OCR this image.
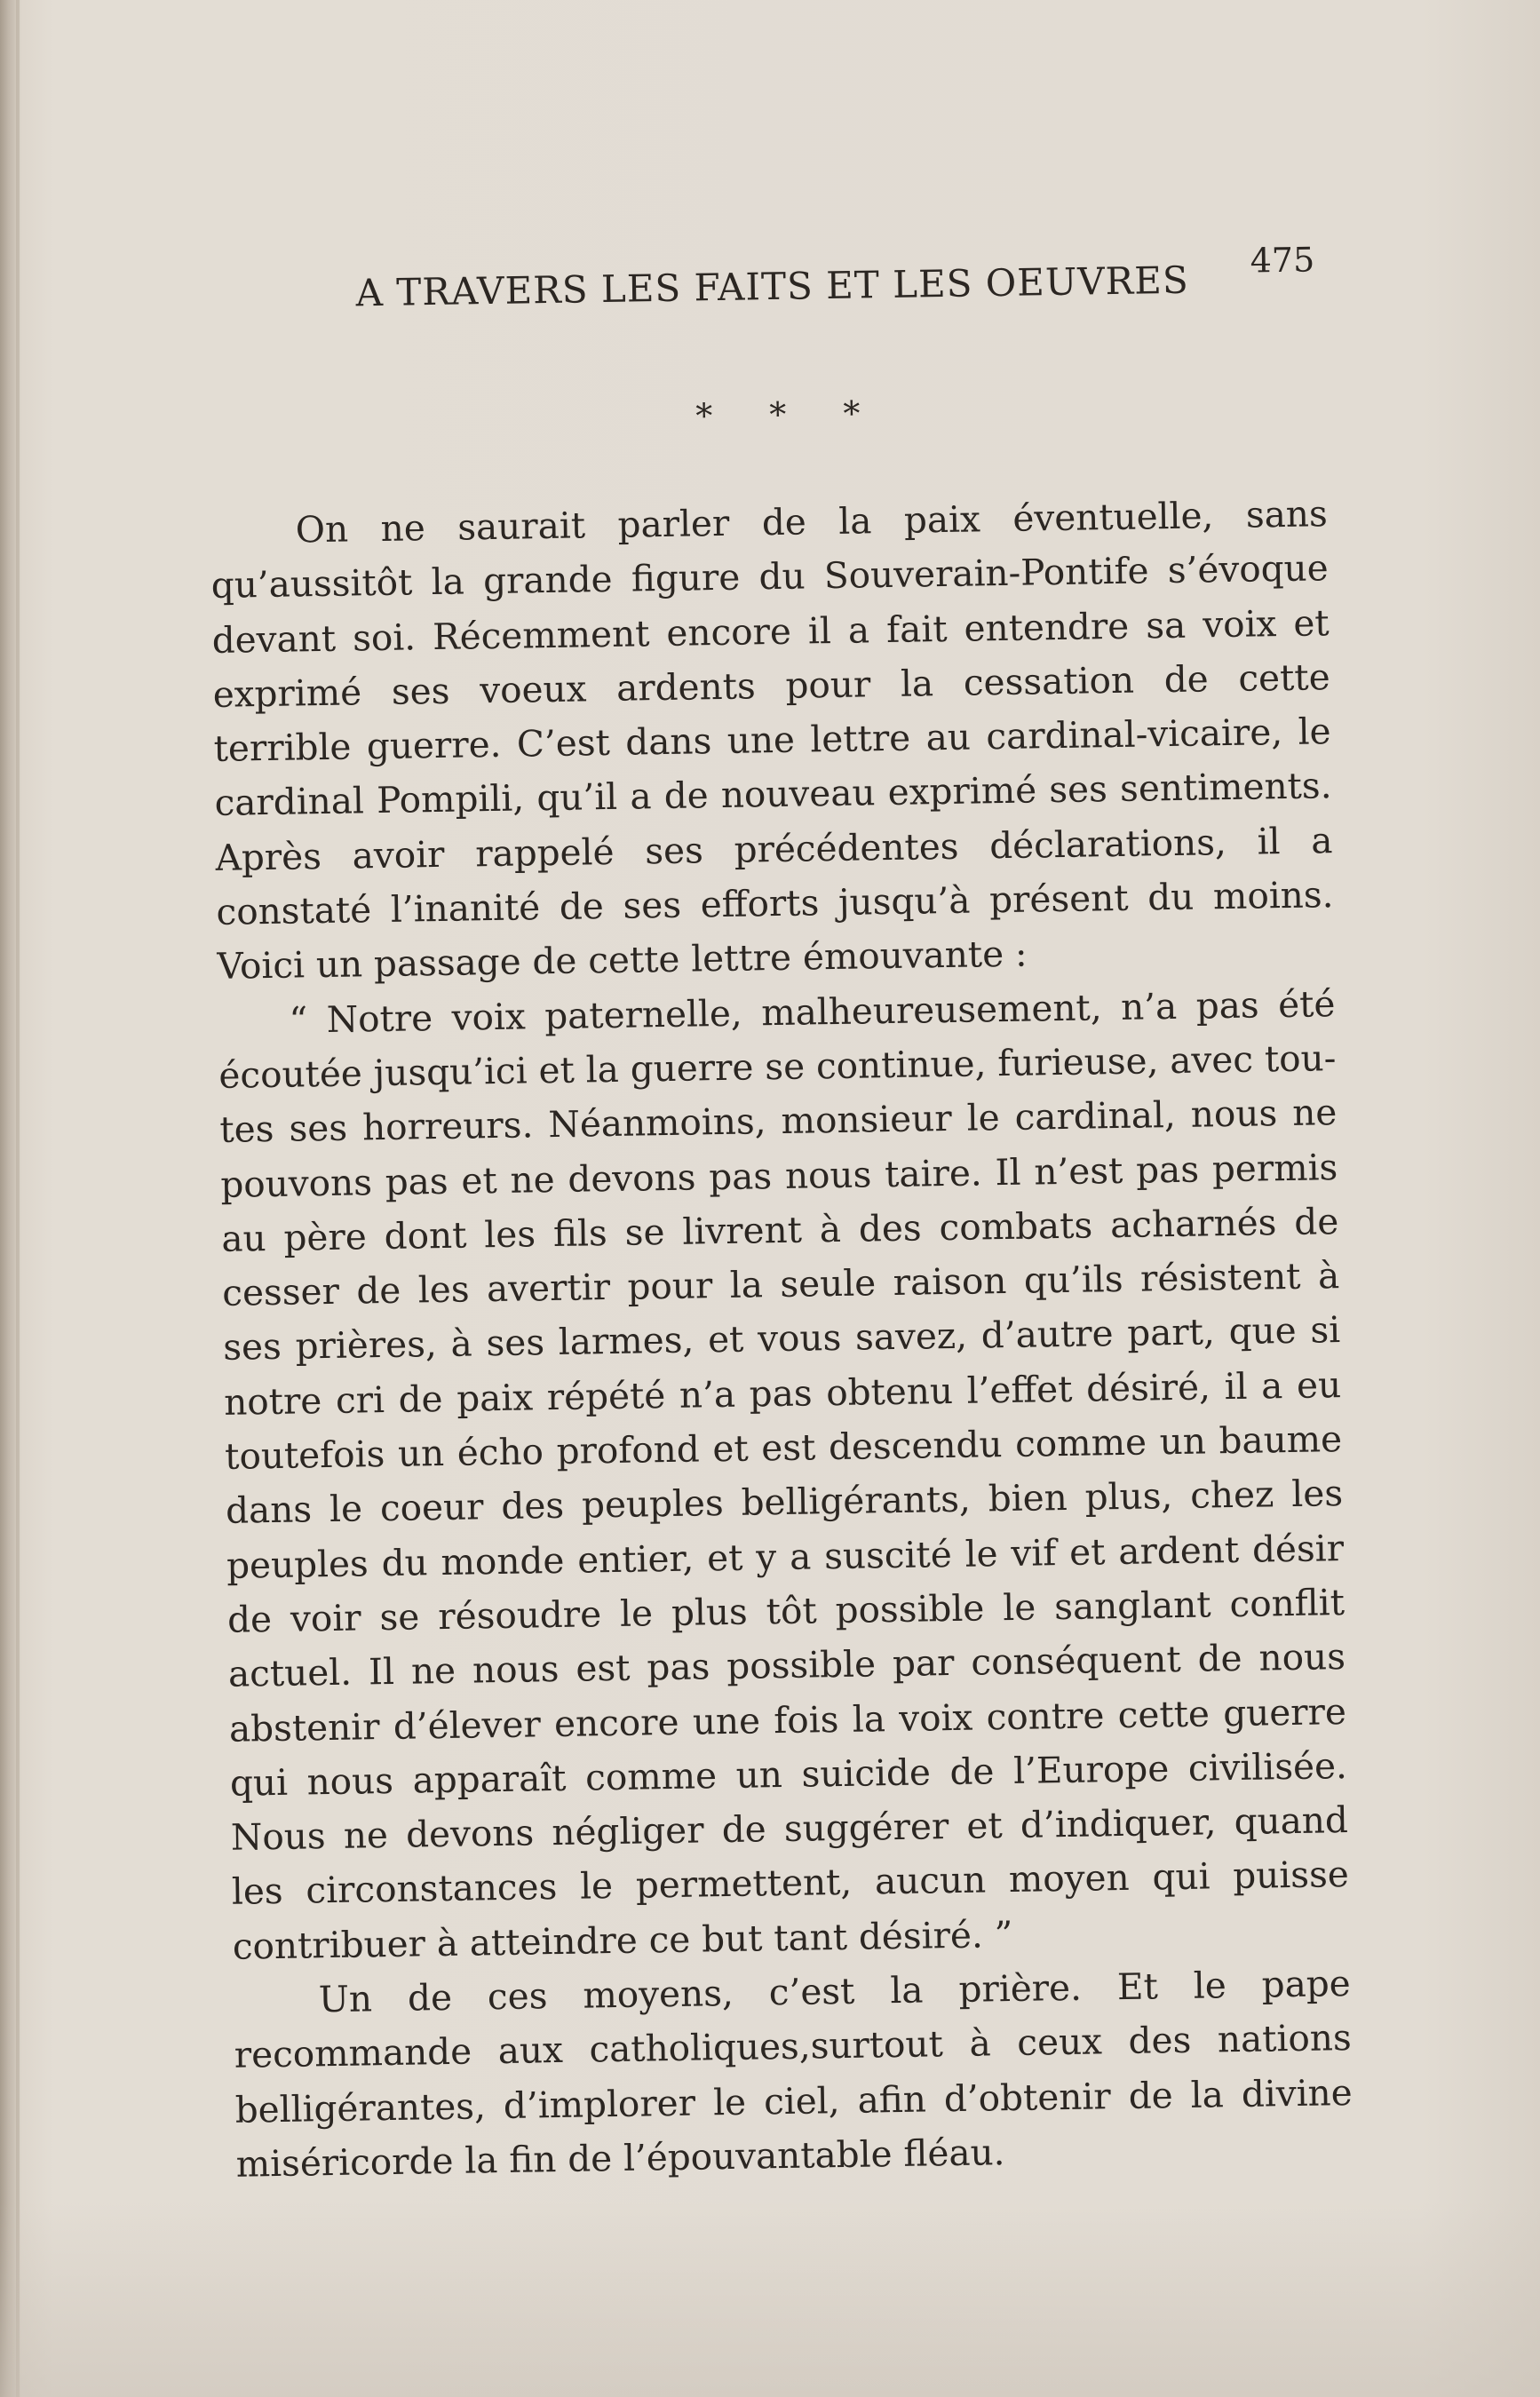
A TRAVERS LES FAITS ET LES OEUVRES 475
* * *

On ne saurait parler de la paix éventuelle, sans qu’aussitôt la grande figure du Souverain-Pontife s’évoque devant soi. Récemment encore il a fait entendre sa voix et exprimé ses voeux ardents pour la cessation de cette terrible guerre. C’est dans une lettre au cardinal-vicaire, le cardinal Pompili, qu’il a de nouveau exprimé ses sentiments. Après avoir rappelé ses précédentes déclarations, il a constaté l’inanité de ses efforts jusqu’à présent du moins. Voici un passage de cette lettre émouvante :

“ Notre voix paternelle, malheureusement, n’a pas été écoutée jusqu’ici et la guerre se continue, furieuse, avec toutes ses horreurs. Néanmoins, monsieur le cardinal, nous ne pouvons pas et ne devons pas nous taire. Il n’est pas permis au père dont les fils se livrent à des combats acharnés de cesser de les avertir pour la seule raison qu’ils résistent à ses prières, à ses larmes, et vous savez, d’autre part, que si notre cri de paix répété n’a pas obtenu l’effet désiré, il a eu toutefois un écho profond et est descendu comme un baume dans le coeur des peuples belligérants, bien plus, chez les peuples du monde entier, et y a suscité le vif et ardent désir de voir se résoudre le plus tôt possible le sanglant conflit actuel. Il ne nous est pas possible par conséquent de nous abstenir d’élever encore une fois la voix contre cette guerre qui nous apparaît comme un suicide de l’Europe civilisée. Nous ne devons négliger de suggérer et d’indiquer, quand les circonstances le permettent, aucun moyen qui puisse contribuer à atteindre ce but tant désiré. ”

Un de ces moyens, c’est la prière. Et le pape recommande aux catholiques,surtout à ceux des nations belligérantes, d’implorer le ciel, afin d’obtenir de la divine miséricorde la fin de l’épouvantable fléau.
